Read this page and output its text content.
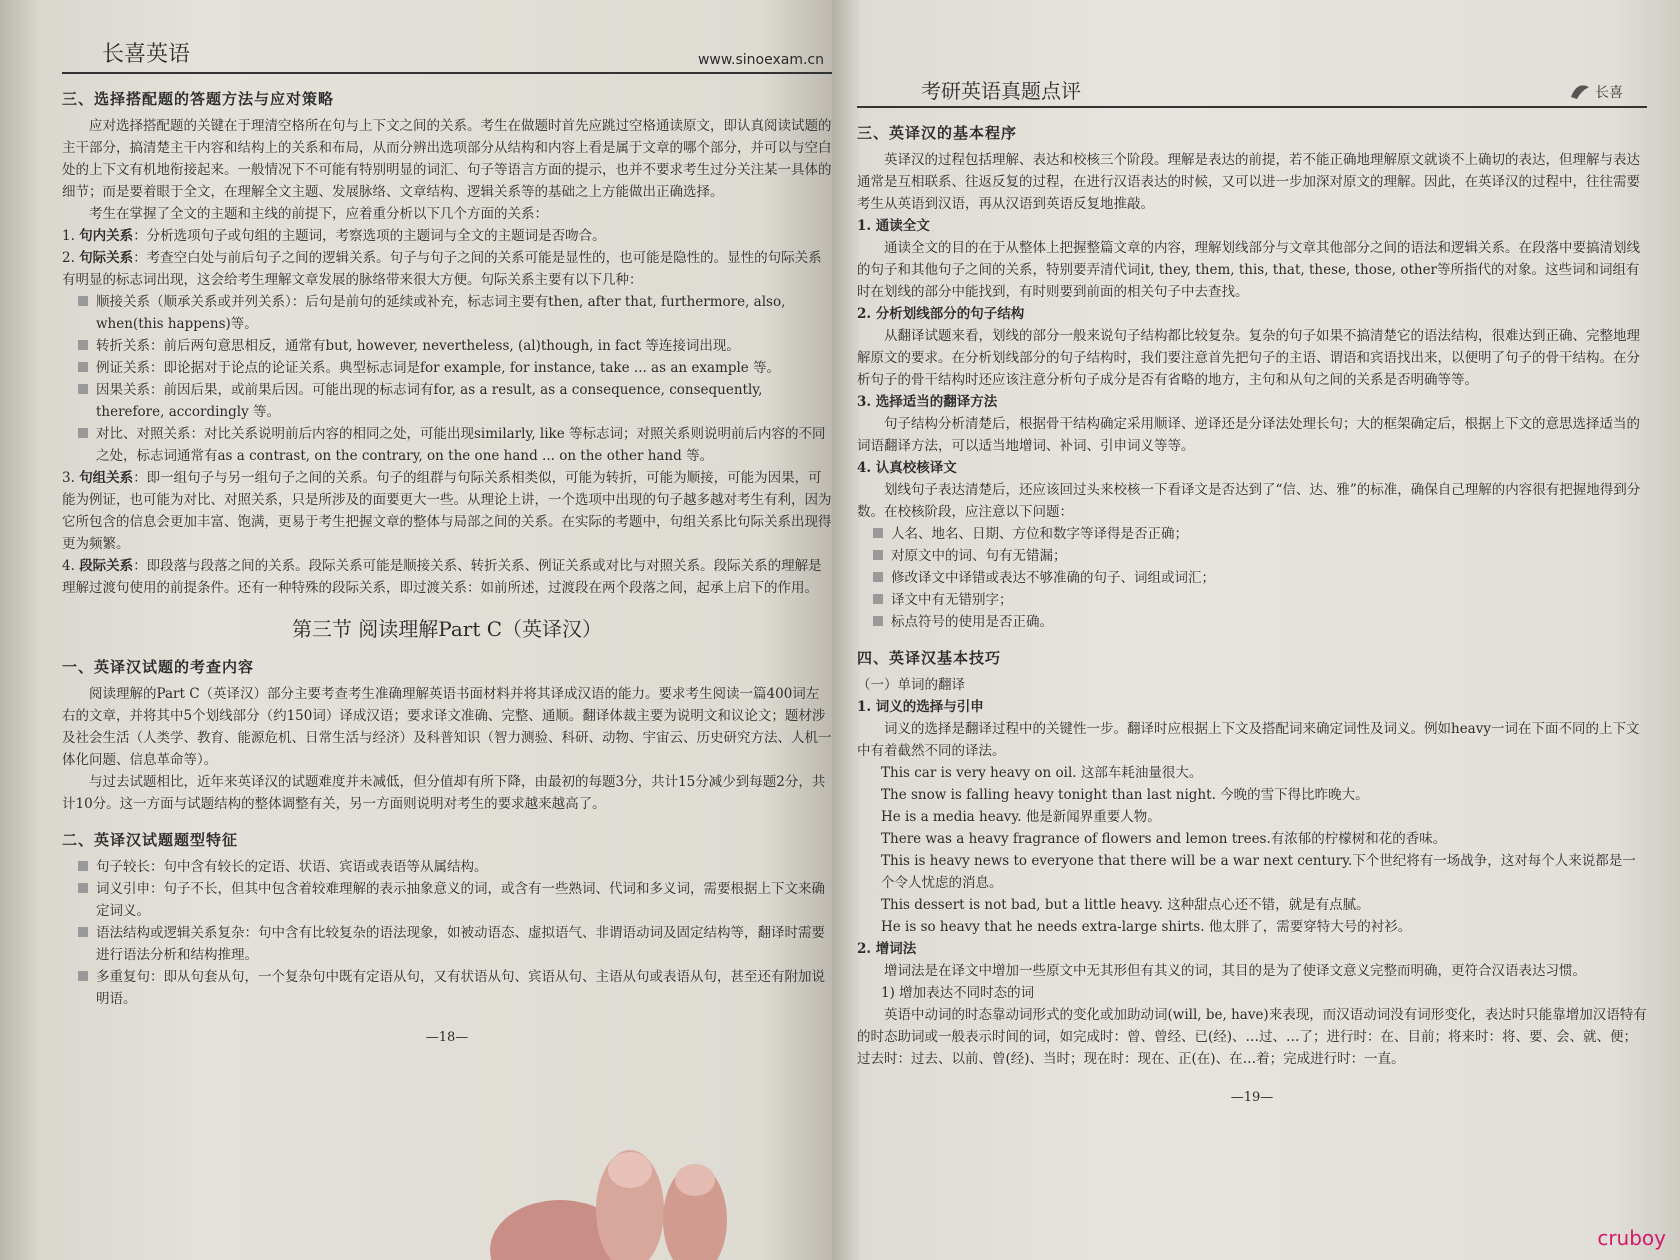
长喜英语	www.sinoexam.cn
三、选择搭配题的答题方法与应对策略

应对选择搭配题的关键在于理清空格所在句与上下文之间的关系。考生在做题时首先应跳过空格通读原文，即认真阅读试题的主干部分，搞清楚主干内容和结构上的关系和布局，从而分辨出选项部分从结构和内容上看是属于文章的哪个部分，并可以与空白处的上下文有机地衔接起来。一般情况下不可能有特别明显的词汇、句子等语言方面的提示，也并不要求考生过分关注某一具体的细节；而是要着眼于全文，在理解全文主题、发展脉络、文章结构、逻辑关系等的基础之上方能做出正确选择。

考生在掌握了全文的主题和主线的前提下，应着重分析以下几个方面的关系：

1. 句内关系：分析选项句子或句组的主题词，考察选项的主题词与全文的主题词是否吻合。
2. 句际关系：考查空白处与前后句子之间的逻辑关系。句子与句子之间的关系可能是显性的，也可能是隐性的。显性的句际关系有明显的标志词出现，这会给考生理解文章发展的脉络带来很大方便。句际关系主要有以下几种：
顺接关系（顺承关系或并列关系）：后句是前句的延续或补充，标志词主要有then, after that, furthermore, also, when(this happens)等。
转折关系：前后两句意思相反，通常有but, however, nevertheless, (al)though, in fact 等连接词出现。
例证关系：即论据对于论点的论证关系。典型标志词是for example, for instance, take ... as an example 等。
因果关系：前因后果，或前果后因。可能出现的标志词有for, as a result, as a consequence, consequently, therefore, accordingly 等。
对比、对照关系：对比关系说明前后内容的相同之处，可能出现similarly, like 等标志词；对照关系则说明前后内容的不同之处，标志词通常有as a contrast, on the contrary, on the one hand ... on the other hand 等。
3. 句组关系：即一组句子与另一组句子之间的关系。句子的组群与句际关系相类似，可能为转折，可能为顺接，可能为因果，可能为例证，也可能为对比、对照关系，只是所涉及的面要更大一些。从理论上讲，一个选项中出现的句子越多越对考生有利，因为它所包含的信息会更加丰富、饱满，更易于考生把握文章的整体与局部之间的关系。在实际的考题中，句组关系比句际关系出现得更为频繁。
4. 段际关系：即段落与段落之间的关系。段际关系可能是顺接关系、转折关系、例证关系或对比与对照关系。段际关系的理解是理解过渡句使用的前提条件。还有一种特殊的段际关系，即过渡关系：如前所述，过渡段在两个段落之间，起承上启下的作用。
第三节 阅读理解Part C（英译汉）
一、英译汉试题的考查内容

阅读理解的Part C（英译汉）部分主要考查考生准确理解英语书面材料并将其译成汉语的能力。要求考生阅读一篇400词左右的文章，并将其中5个划线部分（约150词）译成汉语；要求译文准确、完整、通顺。翻译体裁主要为说明文和议论文；题材涉及社会生活（人类学、教育、能源危机、日常生活与经济）及科普知识（智力测验、科研、动物、宇宙云、历史研究方法、人机一体化问题、信息革命等）。

与过去试题相比，近年来英译汉的试题难度并未减低，但分值却有所下降，由最初的每题3分，共计15分减少到每题2分，共计10分。这一方面与试题结构的整体调整有关，另一方面则说明对考生的要求越来越高了。

二、英译汉试题题型特征
句子较长：句中含有较长的定语、状语、宾语或表语等从属结构。
词义引申：句子不长，但其中包含着较难理解的表示抽象意义的词，或含有一些熟词、代词和多义词，需要根据上下文来确定词义。
语法结构或逻辑关系复杂：句中含有比较复杂的语法现象，如被动语态、虚拟语气、非谓语动词及固定结构等，翻译时需要进行语法分析和结构推理。
多重复句：即从句套从句，一个复杂句中既有定语从句，又有状语从句、宾语从句、主语从句或表语从句，甚至还有附加说明语。
—18—
考研英语真题点评	长喜
三、英译汉的基本程序

英译汉的过程包括理解、表达和校核三个阶段。理解是表达的前提，若不能正确地理解原文就谈不上确切的表达，但理解与表达通常是互相联系、往返反复的过程，在进行汉语表达的时候，又可以进一步加深对原文的理解。因此，在英译汉的过程中，往往需要考生从英语到汉语，再从汉语到英语反复地推敲。

1. 通读全文

通读全文的目的在于从整体上把握整篇文章的内容，理解划线部分与文章其他部分之间的语法和逻辑关系。在段落中要搞清划线的句子和其他句子之间的关系，特别要弄清代词it, they, them, this, that, these, those, other等所指代的对象。这些词和词组有时在划线的部分中能找到，有时则要到前面的相关句子中去查找。

2. 分析划线部分的句子结构

从翻译试题来看，划线的部分一般来说句子结构都比较复杂。复杂的句子如果不搞清楚它的语法结构，很难达到正确、完整地理解原文的要求。在分析划线部分的句子结构时，我们要注意首先把句子的主语、谓语和宾语找出来，以便明了句子的骨干结构。在分析句子的骨干结构时还应该注意分析句子成分是否有省略的地方，主句和从句之间的关系是否明确等等。

3. 选择适当的翻译方法

句子结构分析清楚后，根据骨干结构确定采用顺译、逆译还是分译法处理长句；大的框架确定后，根据上下文的意思选择适当的词语翻译方法，可以适当地增词、补词、引申词义等等。

4. 认真校核译文

划线句子表达清楚后，还应该回过头来校核一下看译文是否达到了“信、达、雅”的标准，确保自己理解的内容很有把握地得到分数。在校核阶段，应注意以下问题：

人名、地名、日期、方位和数字等译得是否正确；
对原文中的词、句有无错漏；
修改译文中译错或表达不够准确的句子、词组或词汇；
译文中有无错别字；
标点符号的使用是否正确。
四、英译汉基本技巧
（一）单词的翻译
1. 词义的选择与引申

词义的选择是翻译过程中的关键性一步。翻译时应根据上下文及搭配词来确定词性及词义。例如heavy一词在下面不同的上下文中有着截然不同的译法。

This car is very heavy on oil. 这部车耗油量很大。
The snow is falling heavy tonight than last night. 今晚的雪下得比昨晚大。
He is a media heavy. 他是新闻界重要人物。
There was a heavy fragrance of flowers and lemon trees.有浓郁的柠檬树和花的香味。
This is heavy news to everyone that there will be a war next century.下个世纪将有一场战争，这对每个人来说都是一个令人忧虑的消息。
This dessert is not bad, but a little heavy. 这种甜点心还不错，就是有点腻。
He is so heavy that he needs extra-large shirts. 他太胖了，需要穿特大号的衬衫。
2. 增词法

增词法是在译文中增加一些原文中无其形但有其义的词，其目的是为了使译文意义完整而明确，更符合汉语表达习惯。

1) 增加表达不同时态的词

英语中动词的时态靠动词形式的变化或加助动词(will, be, have)来表现，而汉语动词没有词形变化，表达时只能靠增加汉语特有的时态助词或一般表示时间的词，如完成时：曾、曾经、已(经)、…过、…了；进行时：在、目前；将来时：将、要、会、就、便；过去时：过去、以前、曾(经)、当时；现在时：现在、正(在)、在…着；完成进行时：一直。

—19—
cruboy
